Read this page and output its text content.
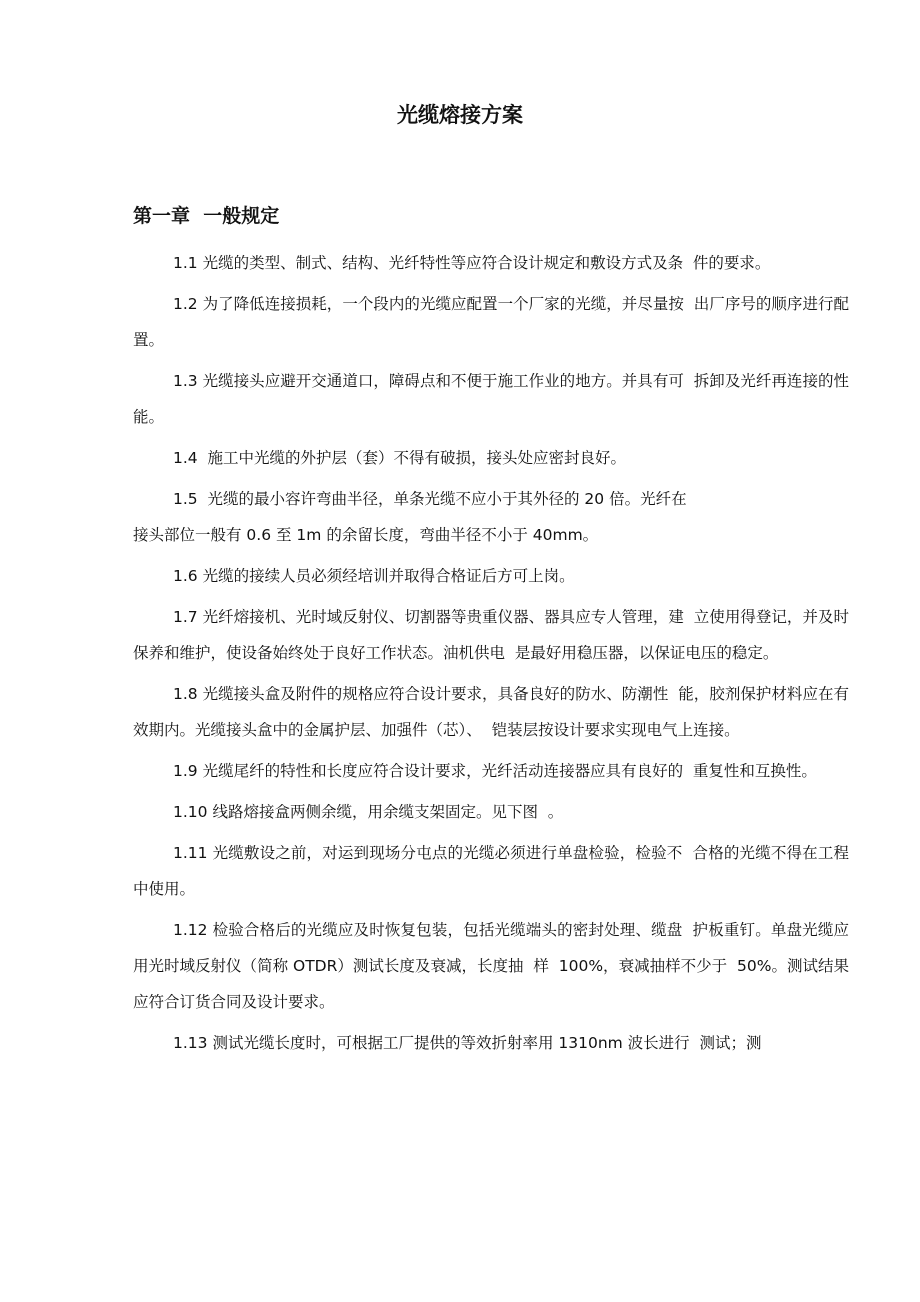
光缆熔接方案
第一章  一般规定

1.1 光缆的类型、制式、结构、光纤特性等应符合设计规定和敷设方式及条  件的要求。

1.2 为了降低连接损耗，一个段内的光缆应配置一个厂家的光缆，并尽量按  出厂序号的顺序进行配置。

1.3 光缆接头应避开交通道口，障碍点和不便于施工作业的地方。并具有可  拆卸及光纤再连接的性能。

1.4  施工中光缆的外护层（套）不得有破损，接头处应密封良好。

1.5  光缆的最小容许弯曲半径，单条光缆不应小于其外径的 20 倍。光纤在
接头部位一般有 0.6 至 1m 的余留长度，弯曲半径不小于 40mm。

1.6 光缆的接续人员必须经培训并取得合格证后方可上岗。

1.7 光纤熔接机、光时域反射仪、切割器等贵重仪器、器具应专人管理，建  立使用得登记，并及时保养和维护，使设备始终处于良好工作状态。油机供电  是最好用稳压器，以保证电压的稳定。

1.8 光缆接头盒及附件的规格应符合设计要求，具备良好的防水、防潮性  能，胶剂保护材料应在有效期内。光缆接头盒中的金属护层、加强件（芯）、  铠装层按设计要求实现电气上连接。

1.9 光缆尾纤的特性和长度应符合设计要求，光纤活动连接器应具有良好的  重复性和互换性。

1.10 线路熔接盒两侧余缆，用余缆支架固定。见下图  。

1.11 光缆敷设之前，对运到现场分屯点的光缆必须进行单盘检验，检验不  合格的光缆不得在工程中使用。

1.12 检验合格后的光缆应及时恢复包装，包括光缆端头的密封处理、缆盘  护板重钉。单盘光缆应用光时域反射仪（简称 OTDR）测试长度及衰减，长度抽  样  100%，衰减抽样不少于  50%。测试结果应符合订货合同及设计要求。

1.13 测试光缆长度时，可根据工厂提供的等效折射率用 1310nm 波长进行  测试；测
